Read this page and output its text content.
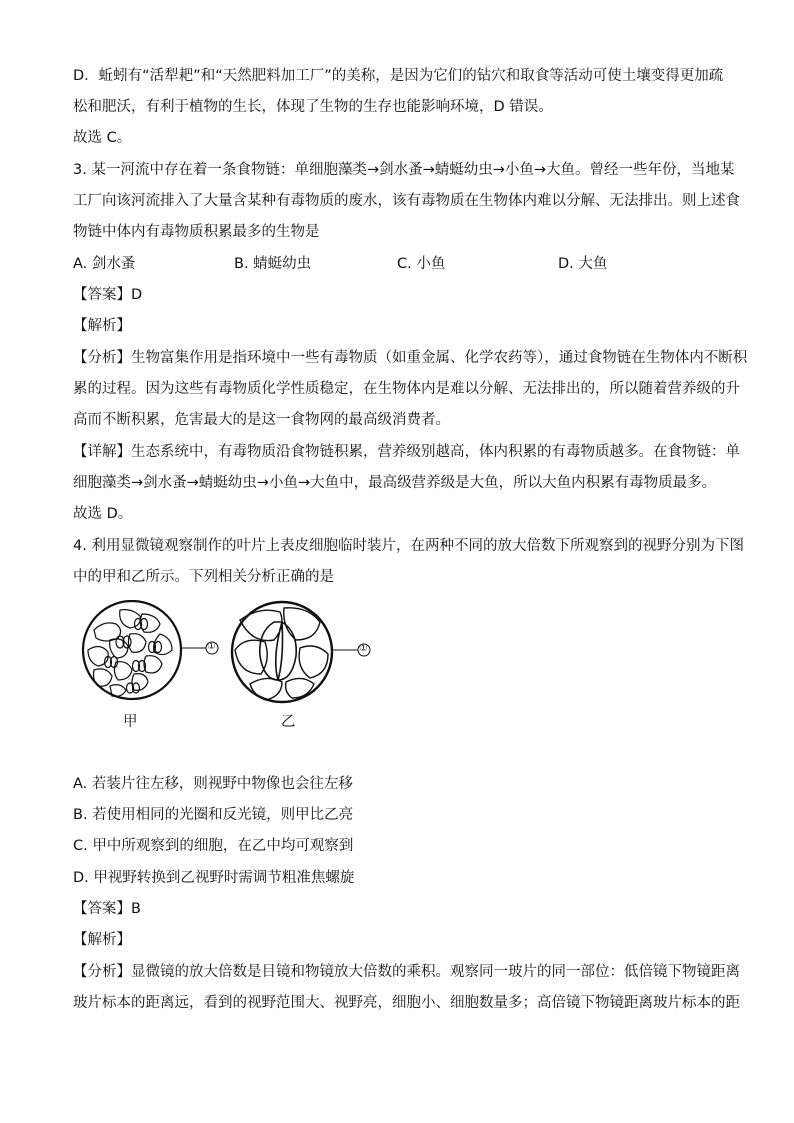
D．蚯蚓有“活犁耙”和“天然肥料加工厂”的美称，是因为它们的钻穴和取食等活动可使土壤变得更加疏
松和肥沃，有利于植物的生长，体现了生物的生存也能影响环境，D 错误。
故选 C。
3. 某一河流中存在着一条食物链：单细胞藻类→剑水蚤→蜻蜓幼虫→小鱼→大鱼。曾经一些年份，当地某
工厂向该河流排入了大量含某种有毒物质的废水，该有毒物质在生物体内难以分解、无法排出。则上述食
物链中体内有毒物质积累最多的生物是
A. 剑水蚤	B. 蜻蜓幼虫	C. 小鱼	D. 大鱼
【答案】D
【解析】
【分析】生物富集作用是指环境中一些有毒物质（如重金属、化学农药等），通过食物链在生物体内不断积
累的过程。因为这些有毒物质化学性质稳定，在生物体内是难以分解、无法排出的，所以随着营养级的升
高而不断积累，危害最大的是这一食物网的最高级消费者。
【详解】生态系统中，有毒物质沿食物链积累，营养级别越高，体内积累的有毒物质越多。在食物链：单
细胞藻类→剑水蚤→蜻蜓幼虫→小鱼→大鱼中，最高级营养级是大鱼，所以大鱼内积累有毒物质最多。
故选 D。
4. 利用显微镜观察制作的叶片上表皮细胞临时装片，在两种不同的放大倍数下所观察到的视野分别为下图
中的甲和乙所示。下列相关分析正确的是
甲	乙
①	①
A. 若装片往左移，则视野中物像也会往左移
B. 若使用相同的光圈和反光镜，则甲比乙亮
C. 甲中所观察到的细胞，在乙中均可观察到
D. 甲视野转换到乙视野时需调节粗准焦螺旋
【答案】B
【解析】
【分析】显微镜的放大倍数是目镜和物镜放大倍数的乘积。观察同一玻片的同一部位：低倍镜下物镜距离
玻片标本的距离远，看到的视野范围大、视野亮，细胞小、细胞数量多；高倍镜下物镜距离玻片标本的距
